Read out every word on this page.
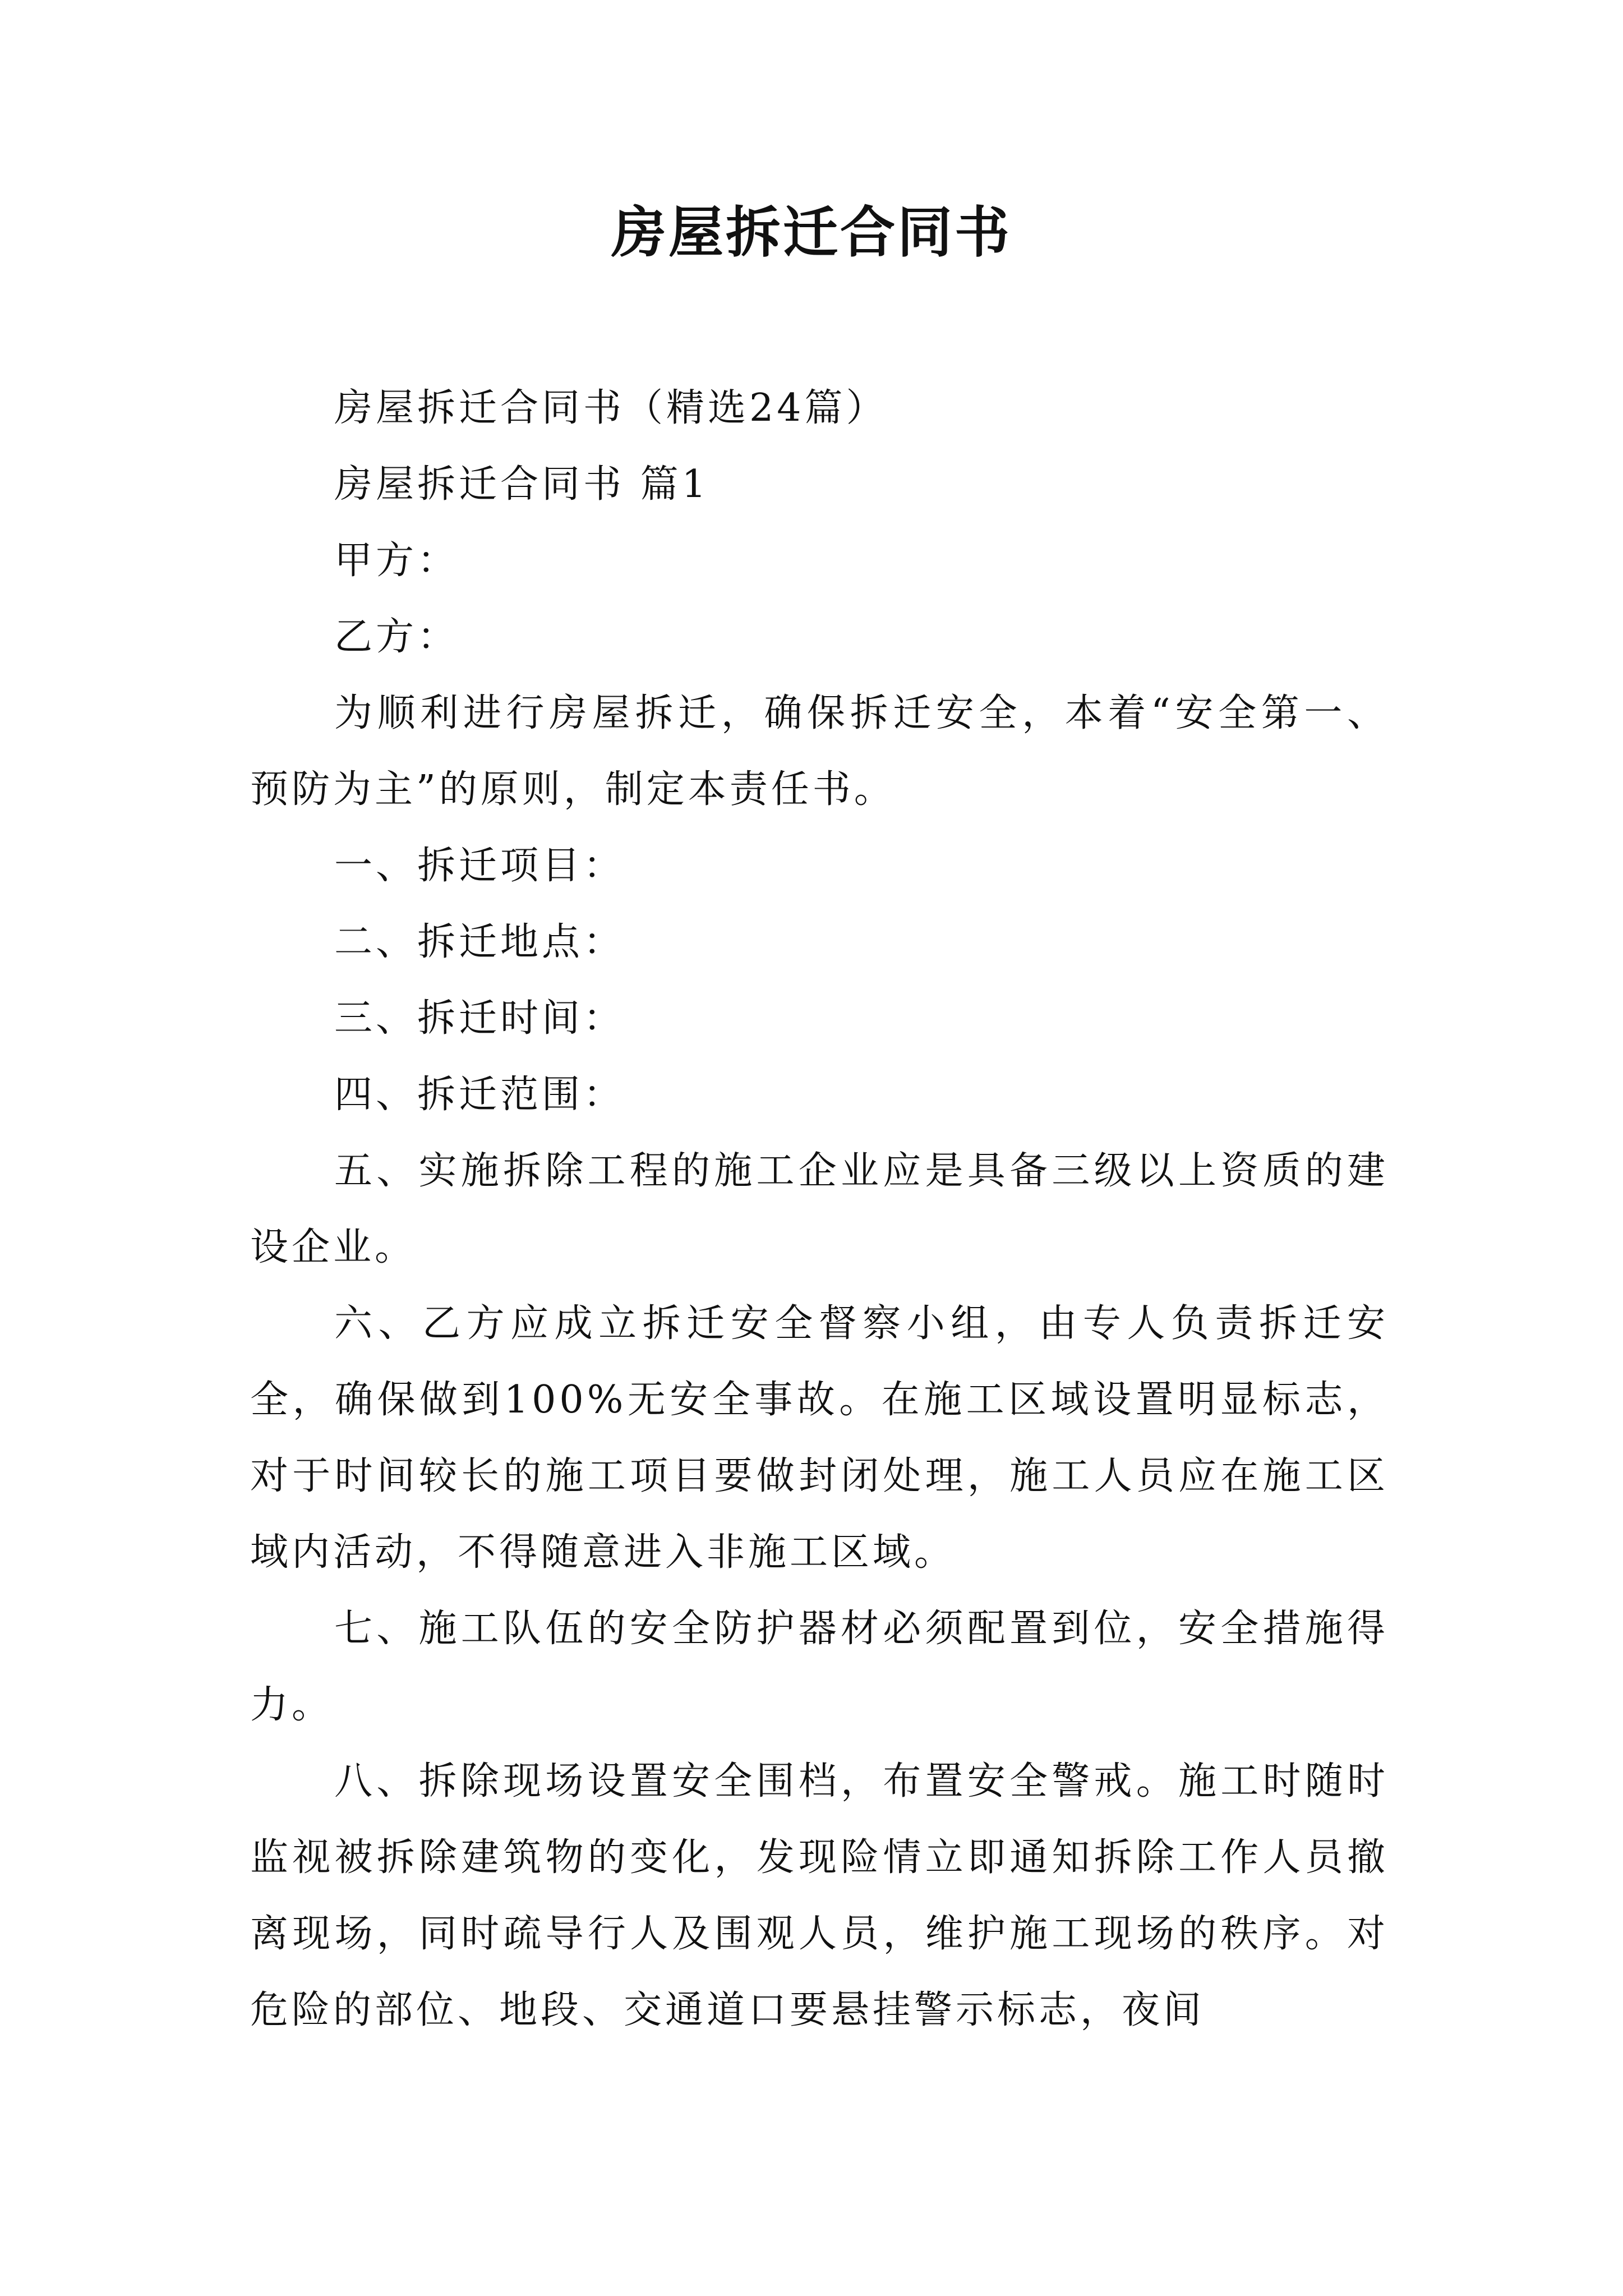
房屋拆迁合同书

房屋拆迁合同书（精选24篇）

房屋拆迁合同书 篇1

甲方：

乙方：

为顺利进行房屋拆迁，确保拆迁安全，本着“安全第一、预防为主”的原则，制定本责任书。

一、拆迁项目：

二、拆迁地点：

三、拆迁时间：

四、拆迁范围：

五、实施拆除工程的施工企业应是具备三级以上资质的建设企业。

六、乙方应成立拆迁安全督察小组，由专人负责拆迁安全，确保做到100%无安全事故。在施工区域设置明显标志，对于时间较长的施工项目要做封闭处理，施工人员应在施工区域内活动，不得随意进入非施工区域。

七、施工队伍的安全防护器材必须配置到位，安全措施得力。

八、拆除现场设置安全围档，布置安全警戒。施工时随时监视被拆除建筑物的变化，发现险情立即通知拆除工作人员撤离现场，同时疏导行人及围观人员，维护施工现场的秩序。对危险的部位、地段、交通道口要悬挂警示标志，夜间
